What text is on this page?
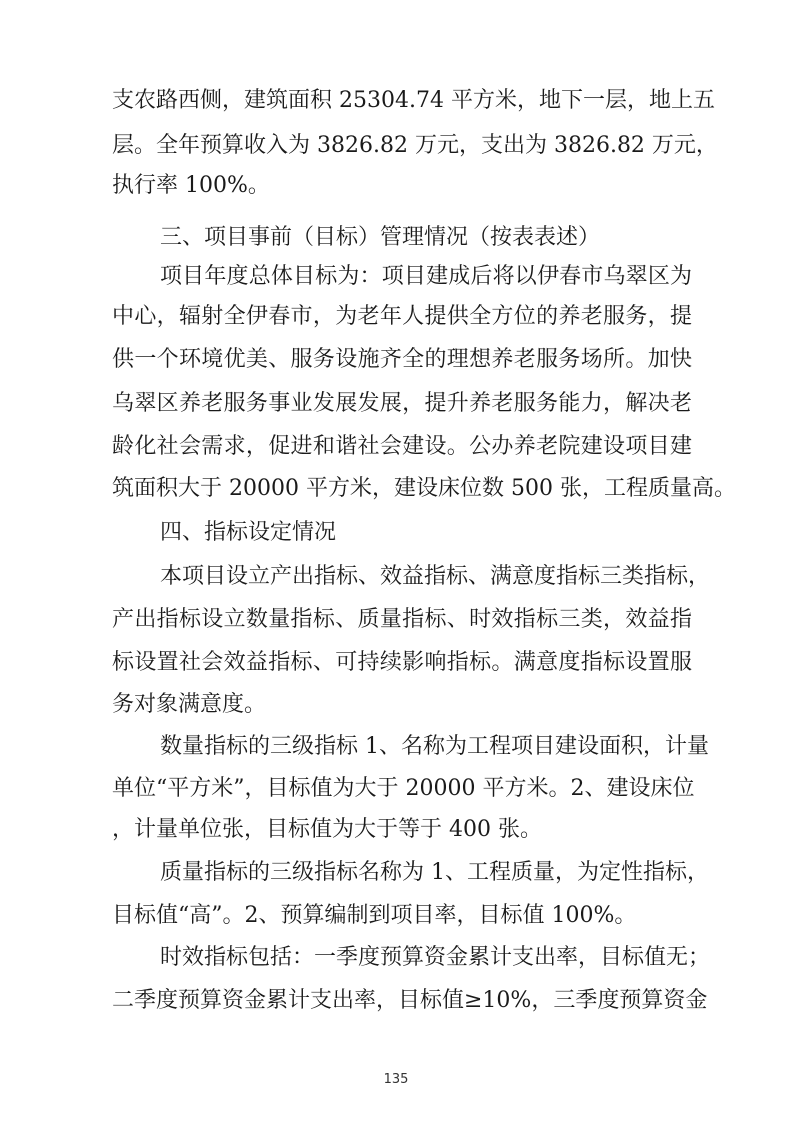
支农路西侧，建筑面积 25304.74 平方米，地下一层，地上五
层。全年预算收入为 3826.82 万元，支出为 3826.82 万元，
执行率 100%。
三、项目事前（目标）管理情况（按表表述）
项目年度总体目标为：项目建成后将以伊春市乌翠区为
中心，辐射全伊春市，为老年人提供全方位的养老服务，提
供一个环境优美、服务设施齐全的理想养老服务场所。加快
乌翠区养老服务事业发展发展，提升养老服务能力，解决老
龄化社会需求，促进和谐社会建设。公办养老院建设项目建
筑面积大于 20000 平方米，建设床位数 500 张，工程质量高。
四、指标设定情况
本项目设立产出指标、效益指标、满意度指标三类指标，
产出指标设立数量指标、质量指标、时效指标三类，效益指
标设置社会效益指标、可持续影响指标。满意度指标设置服
务对象满意度。
数量指标的三级指标 1、名称为工程项目建设面积，计量
单位“平方米”，目标值为大于 20000 平方米。2、建设床位
，计量单位张，目标值为大于等于 400 张。
质量指标的三级指标名称为 1、工程质量，为定性指标，
目标值“高”。2、预算编制到项目率，目标值 100%。
时效指标包括：一季度预算资金累计支出率，目标值无；
二季度预算资金累计支出率，目标值≥10%，三季度预算资金
135
